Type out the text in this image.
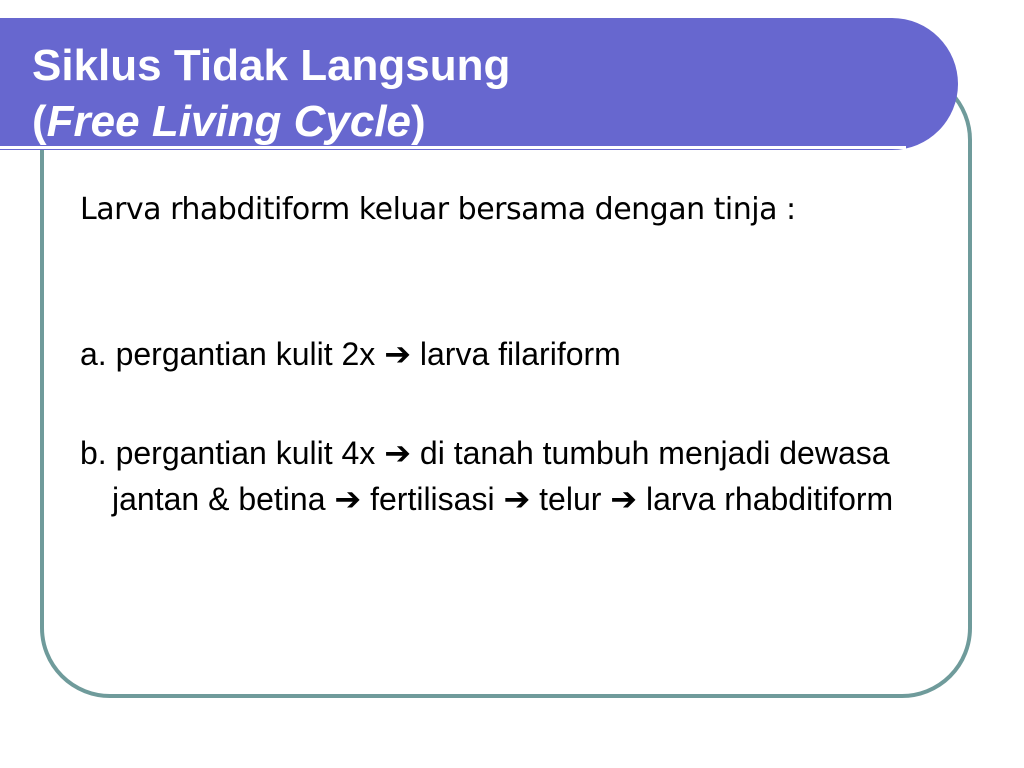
Siklus Tidak Langsung
(Free Living Cycle)

Larva rhabditiform keluar bersama dengan tinja :

a. pergantian kulit 2x ➔ larva filariform

b. pergantian kulit 4x ➔ di tanah tumbuh menjadi dewasa jantan & betina ➔ fertilisasi ➔ telur ➔ larva rhabditiform
